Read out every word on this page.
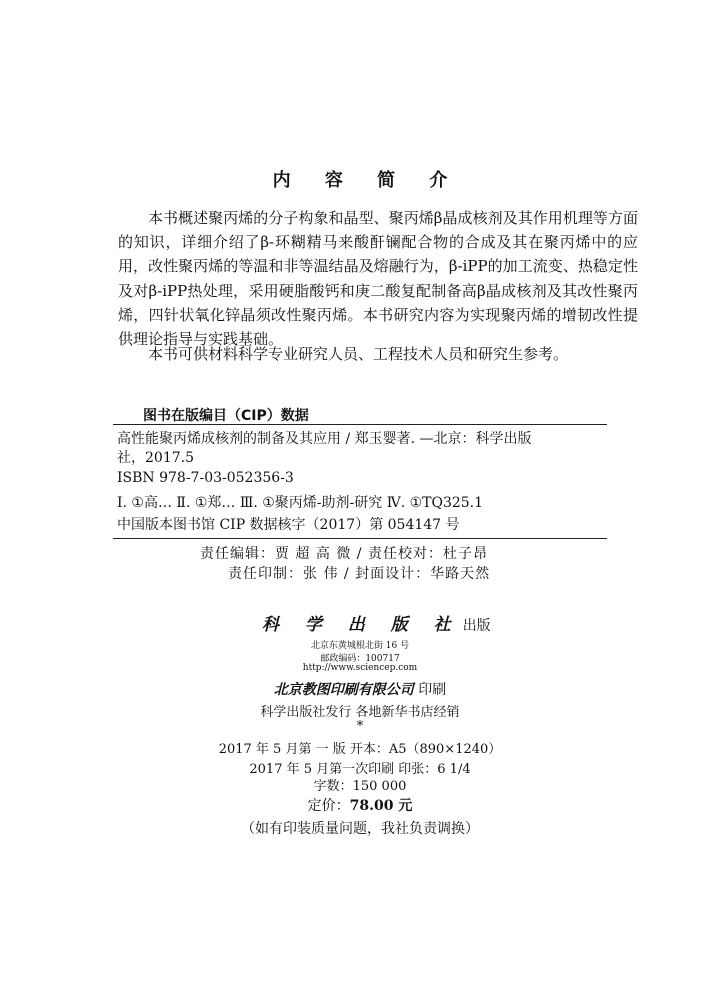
内 容 简 介

本书概述聚丙烯的分子构象和晶型、聚丙烯β晶成核剂及其作用机理等方面的知识，详细介绍了β-环糊精马来酸酐镧配合物的合成及其在聚丙烯中的应用，改性聚丙烯的等温和非等温结晶及熔融行为，β-iPP的加工流变、热稳定性及对β-iPP热处理，采用硬脂酸钙和庚二酸复配制备高β晶成核剂及其改性聚丙烯，四针状氧化锌晶须改性聚丙烯。本书研究内容为实现聚丙烯的增韧改性提供理论指导与实践基础。

本书可供材料科学专业研究人员、工程技术人员和研究生参考。

图书在版编目（CIP）数据
高性能聚丙烯成核剂的制备及其应用 / 郑玉婴著. —北京：科学出版
社，2017.5
ISBN 978-7-03-052356-3
Ⅰ. ①高… Ⅱ. ①郑… Ⅲ. ①聚丙烯-助剂-研究 Ⅳ. ①TQ325.1
中国版本图书馆 CIP 数据核字（2017）第 054147 号
责任编辑：贾 超 高 微 / 责任校对：杜子昂
责任印制：张 伟 / 封面设计：华路天然
科 学 出 版 社 出版
北京东黄城根北街 16 号
邮政编码：100717
http://www.sciencep.com
北京教图印刷有限公司 印刷
科学出版社发行 各地新华书店经销
*
2017 年 5 月第 一 版 开本：A5（890×1240）
2017 年 5 月第一次印刷 印张：6 1/4
字数：150 000
定价：78.00 元
（如有印装质量问题，我社负责调换）
